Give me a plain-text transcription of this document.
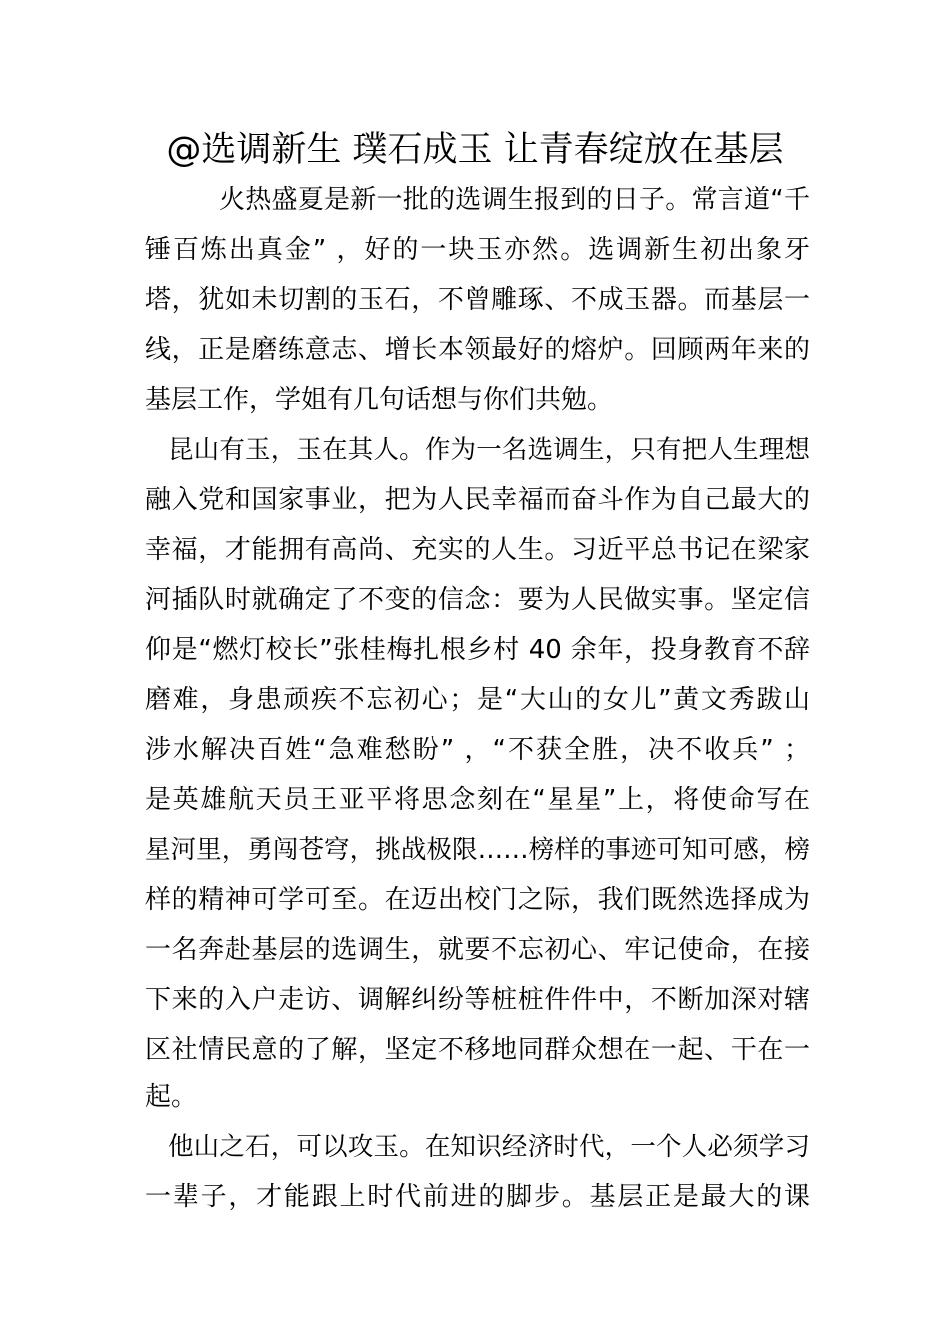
@选调新生 璞石成玉 让青春绽放在基层
火热盛夏是新一批的选调生报到的日子。常言道“千
锤百炼出真金” ，好的一块玉亦然。选调新生初出象牙
塔，犹如未切割的玉石，不曾雕琢、不成玉器。而基层一
线，正是磨练意志、增长本领最好的熔炉。回顾两年来的
基层工作，学姐有几句话想与你们共勉。
昆山有玉，玉在其人。作为一名选调生，只有把人生理想
融入党和国家事业，把为人民幸福而奋斗作为自己最大的
幸福，才能拥有高尚、充实的人生。习近平总书记在梁家
河插队时就确定了不变的信念：要为人民做实事。坚定信
仰是“燃灯校长”张桂梅扎根乡村 40 余年，投身教育不辞
磨难，身患顽疾不忘初心；是“大山的女儿”黄文秀跋山
涉水解决百姓“急难愁盼” ，“不获全胜，决不收兵” ；
是英雄航天员王亚平将思念刻在“星星”上，将使命写在
星河里，勇闯苍穹，挑战极限……榜样的事迹可知可感，榜
样的精神可学可至。在迈出校门之际，我们既然选择成为
一名奔赴基层的选调生，就要不忘初心、牢记使命，在接
下来的入户走访、调解纠纷等桩桩件件中，不断加深对辖
区社情民意的了解，坚定不移地同群众想在一起、干在一
起。
他山之石，可以攻玉。在知识经济时代，一个人必须学习
一辈子，才能跟上时代前进的脚步。基层正是最大的课
